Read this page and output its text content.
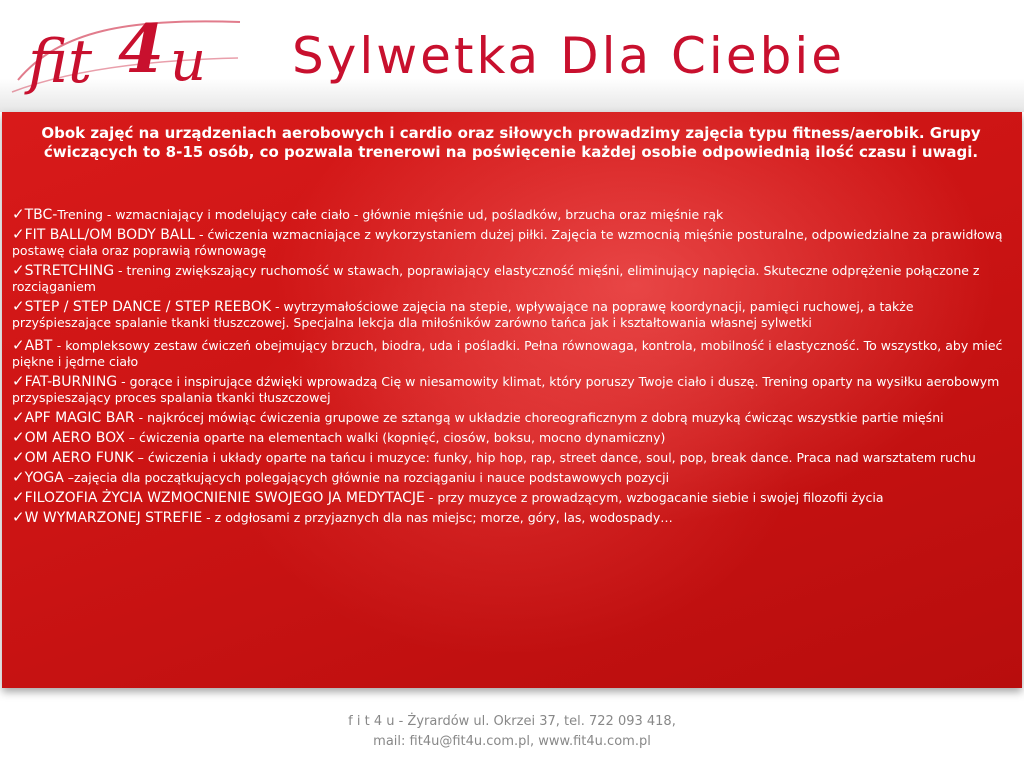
fit 4 u Sylwetka Dla Ciebie
Obok zajęć na urządzeniach aerobowych i cardio oraz siłowych prowadzimy zajęcia typu fitness/aerobik. Grupy ćwiczących to 8-15 osób, co pozwala trenerowi na poświęcenie każdej osobie odpowiednią ilość czasu i uwagi.
✓TBC-Trening - wzmacniający i modelujący całe ciało - głównie mięśnie ud, pośladków, brzucha oraz mięśnie rąk
✓FIT BALL/OM BODY BALL - ćwiczenia wzmacniające z wykorzystaniem dużej piłki. Zajęcia te wzmocnią mięśnie posturalne, odpowiedzialne za prawidłową postawę ciała oraz poprawią równowagę
✓STRETCHING - trening zwiększający ruchomość w stawach, poprawiający elastyczność mięśni, eliminujący napięcia. Skuteczne odprężenie połączone z rozciąganiem
✓STEP / STEP DANCE / STEP REEBOK - wytrzymałościowe zajęcia na stepie, wpływające na poprawę koordynacji, pamięci ruchowej, a także przyśpieszające spalanie tkanki tłuszczowej. Specjalna lekcja dla miłośników zarówno tańca jak i kształtowania własnej sylwetki
✓ABT - kompleksowy zestaw ćwiczeń obejmujący brzuch, biodra, uda i pośladki. Pełna równowaga, kontrola, mobilność i elastyczność. To wszystko, aby mieć piękne i jędrne ciało
✓FAT-BURNING - gorące i inspirujące dźwięki wprowadzą Cię w niesamowity klimat, który poruszy Twoje ciało i duszę. Trening oparty na wysiłku aerobowym przyspieszający proces spalania tkanki tłuszczowej
✓APF MAGIC BAR - najkrócej mówiąc ćwiczenia grupowe ze sztangą w układzie choreograficznym z dobrą muzyką ćwicząc wszystkie partie mięśni
✓OM AERO BOX – ćwiczenia oparte na elementach walki (kopnięć, ciosów, boksu, mocno dynamiczny)
✓OM AERO FUNK – ćwiczenia i układy oparte na tańcu i muzyce: funky, hip hop, rap, street dance, soul, pop, break dance. Praca nad warsztatem ruchu
✓YOGA –zajęcia dla początkujących polegających głównie na rozciąganiu i nauce podstawowych pozycji
✓FILOZOFIA ŻYCIA WZMOCNIENIE SWOJEGO JA MEDYTACJE - przy muzyce z prowadzącym, wzbogacanie siebie i swojej filozofii życia
✓W WYMARZONEJ STREFIE - z odgłosami z przyjaznych dla nas miejsc; morze, góry, las, wodospady…
f i t 4 u - Żyrardów ul. Okrzei 37, tel. 722 093 418,
mail: fit4u@fit4u.com.pl, www.fit4u.com.pl
